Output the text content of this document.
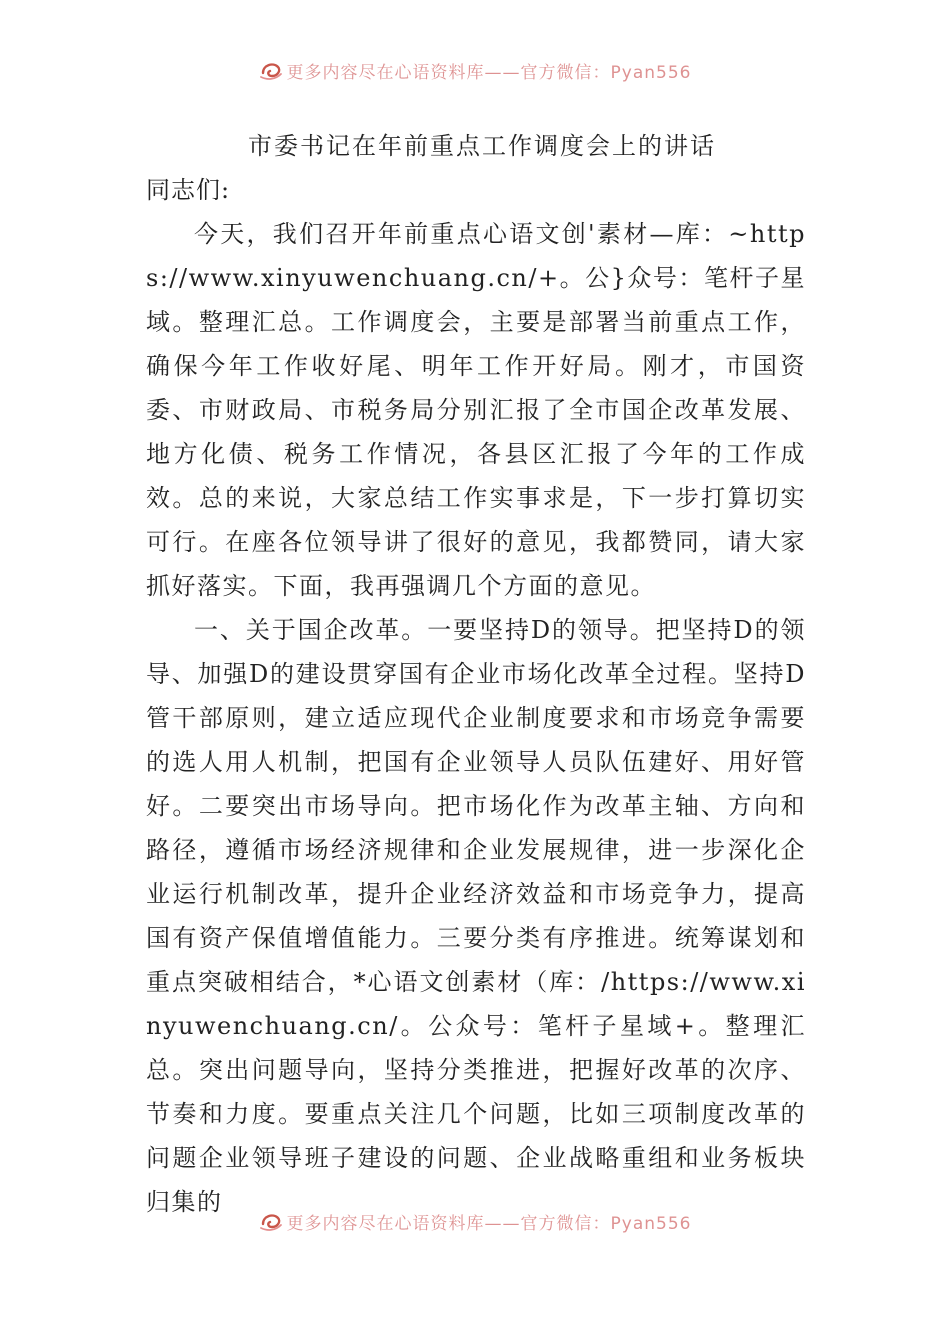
更多内容尽在心语资料库——官方微信：Pyan556

市委书记在年前重点工作调度会上的讲话

同志们:

今天，我们召开年前重点心语文创'素材—库：~https://www.xinyuwenchuang.cn/+。公}众号：笔杆子星域。整理汇总。工作调度会，主要是部署当前重点工作，确保今年工作收好尾、明年工作开好局。刚才，市国资委、市财政局、市税务局分别汇报了全市国企改革发展、地方化债、税务工作情况，各县区汇报了今年的工作成效。总的来说，大家总结工作实事求是，下一步打算切实可行。在座各位领导讲了很好的意见，我都赞同，请大家抓好落实。下面，我再强调几个方面的意见。

一、关于国企改革。一要坚持D的领导。把坚持D的领导、加强D的建设贯穿国有企业市场化改革全过程。坚持D管干部原则，建立适应现代企业制度要求和市场竞争需要的选人用人机制，把国有企业领导人员队伍建好、用好管好。二要突出市场导向。把市场化作为改革主轴、方向和路径，遵循市场经济规律和企业发展规律，进一步深化企业运行机制改革，提升企业经济效益和市场竞争力，提高国有资产保值增值能力。三要分类有序推进。统筹谋划和重点突破相结合，*心语文创素材（库：/https://www.xinyuwenchuang.cn/。公众号：笔杆子星域+。整理汇总。突出问题导向，坚持分类推进，把握好改革的次序、节奏和力度。要重点关注几个问题，比如三项制度改革的问题企业领导班子建设的问题、企业战略重组和业务板块归集的

更多内容尽在心语资料库——官方微信：Pyan556
